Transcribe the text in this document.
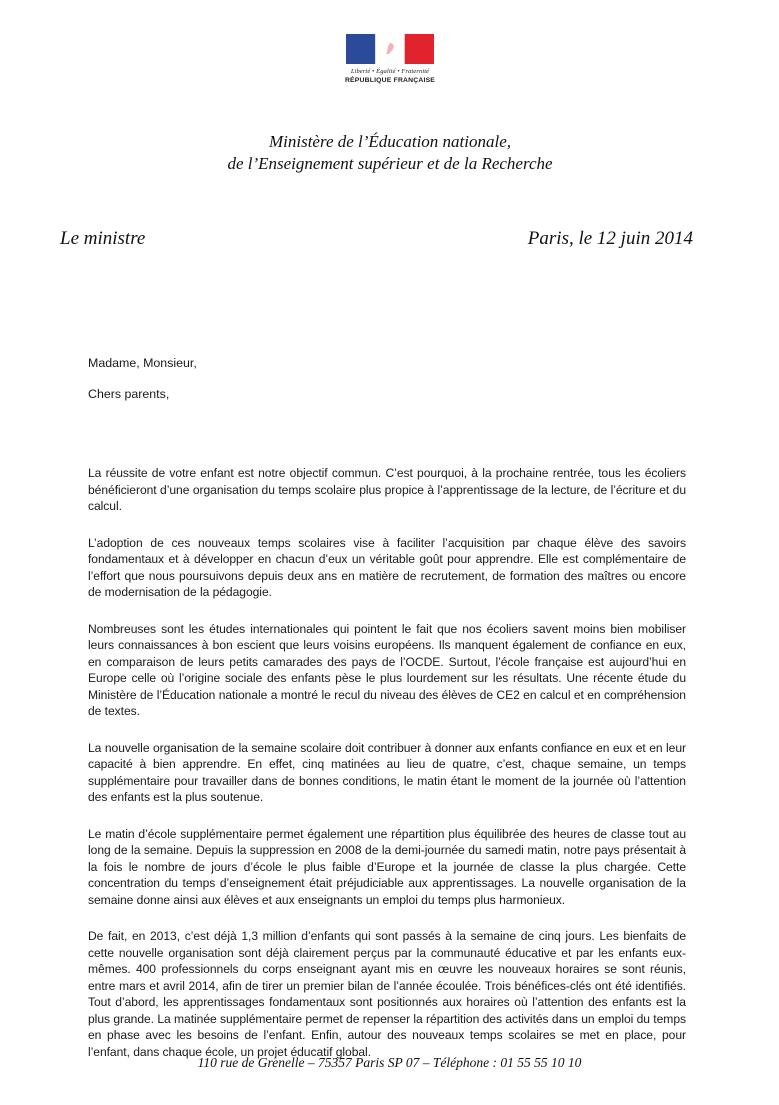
Liberté • Égalité • Fraternité
RÉPUBLIQUE FRANÇAISE
Ministère de l’Éducation nationale,
de l’Enseignement supérieur et de la Recherche
Le ministre	Paris, le 12 juin 2014
Madame, Monsieur,
Chers parents,

La réussite de votre enfant est notre objectif commun. C’est pourquoi, à la prochaine rentrée, tous les écoliers bénéficieront d’une organisation du temps scolaire plus propice à l’apprentissage de la lecture, de l’écriture et du calcul.

L’adoption de ces nouveaux temps scolaires vise à faciliter l’acquisition par chaque élève des savoirs fondamentaux et à développer en chacun d’eux un véritable goût pour apprendre. Elle est complémentaire de l’effort que nous poursuivons depuis deux ans en matière de recrutement, de formation des maîtres ou encore de modernisation de la pédagogie.

Nombreuses sont les études internationales qui pointent le fait que nos écoliers savent moins bien mobiliser leurs connaissances à bon escient que leurs voisins européens. Ils manquent également de confiance en eux, en comparaison de leurs petits camarades des pays de l’OCDE. Surtout, l’école française est aujourd’hui en Europe celle où l’origine sociale des enfants pèse le plus lourdement sur les résultats. Une récente étude du Ministère de l’Éducation nationale a montré le recul du niveau des élèves de CE2 en calcul et en compréhension de textes.

La nouvelle organisation de la semaine scolaire doit contribuer à donner aux enfants confiance en eux et en leur capacité à bien apprendre. En effet, cinq matinées au lieu de quatre, c’est, chaque semaine, un temps supplémentaire pour travailler dans de bonnes conditions, le matin étant le moment de la journée où l’attention des enfants est la plus soutenue.

Le matin d’école supplémentaire permet également une répartition plus équilibrée des heures de classe tout au long de la semaine. Depuis la suppression en 2008 de la demi-journée du samedi matin, notre pays présentait à la fois le nombre de jours d’école le plus faible d’Europe et la journée de classe la plus chargée. Cette concentration du temps d’enseignement était préjudiciable aux apprentissages. La nouvelle organisation de la semaine donne ainsi aux élèves et aux enseignants un emploi du temps plus harmonieux.

De fait, en 2013, c’est déjà 1,3 million d’enfants qui sont passés à la semaine de cinq jours. Les bienfaits de cette nouvelle organisation sont déjà clairement perçus par la communauté éducative et par les enfants eux-mêmes. 400 professionnels du corps enseignant ayant mis en œuvre les nouveaux horaires se sont réunis, entre mars et avril 2014, afin de tirer un premier bilan de l’année écoulée. Trois bénéfices-clés ont été identifiés. Tout d’abord, les apprentissages fondamentaux sont positionnés aux horaires où l’attention des enfants est la plus grande. La matinée supplémentaire permet de repenser la répartition des activités dans un emploi du temps en phase avec les besoins de l’enfant. Enfin, autour des nouveaux temps scolaires se met en place, pour l’enfant, dans chaque école, un projet éducatif global.

110 rue de Grenelle – 75357 Paris SP 07 – Téléphone : 01 55 55 10 10
